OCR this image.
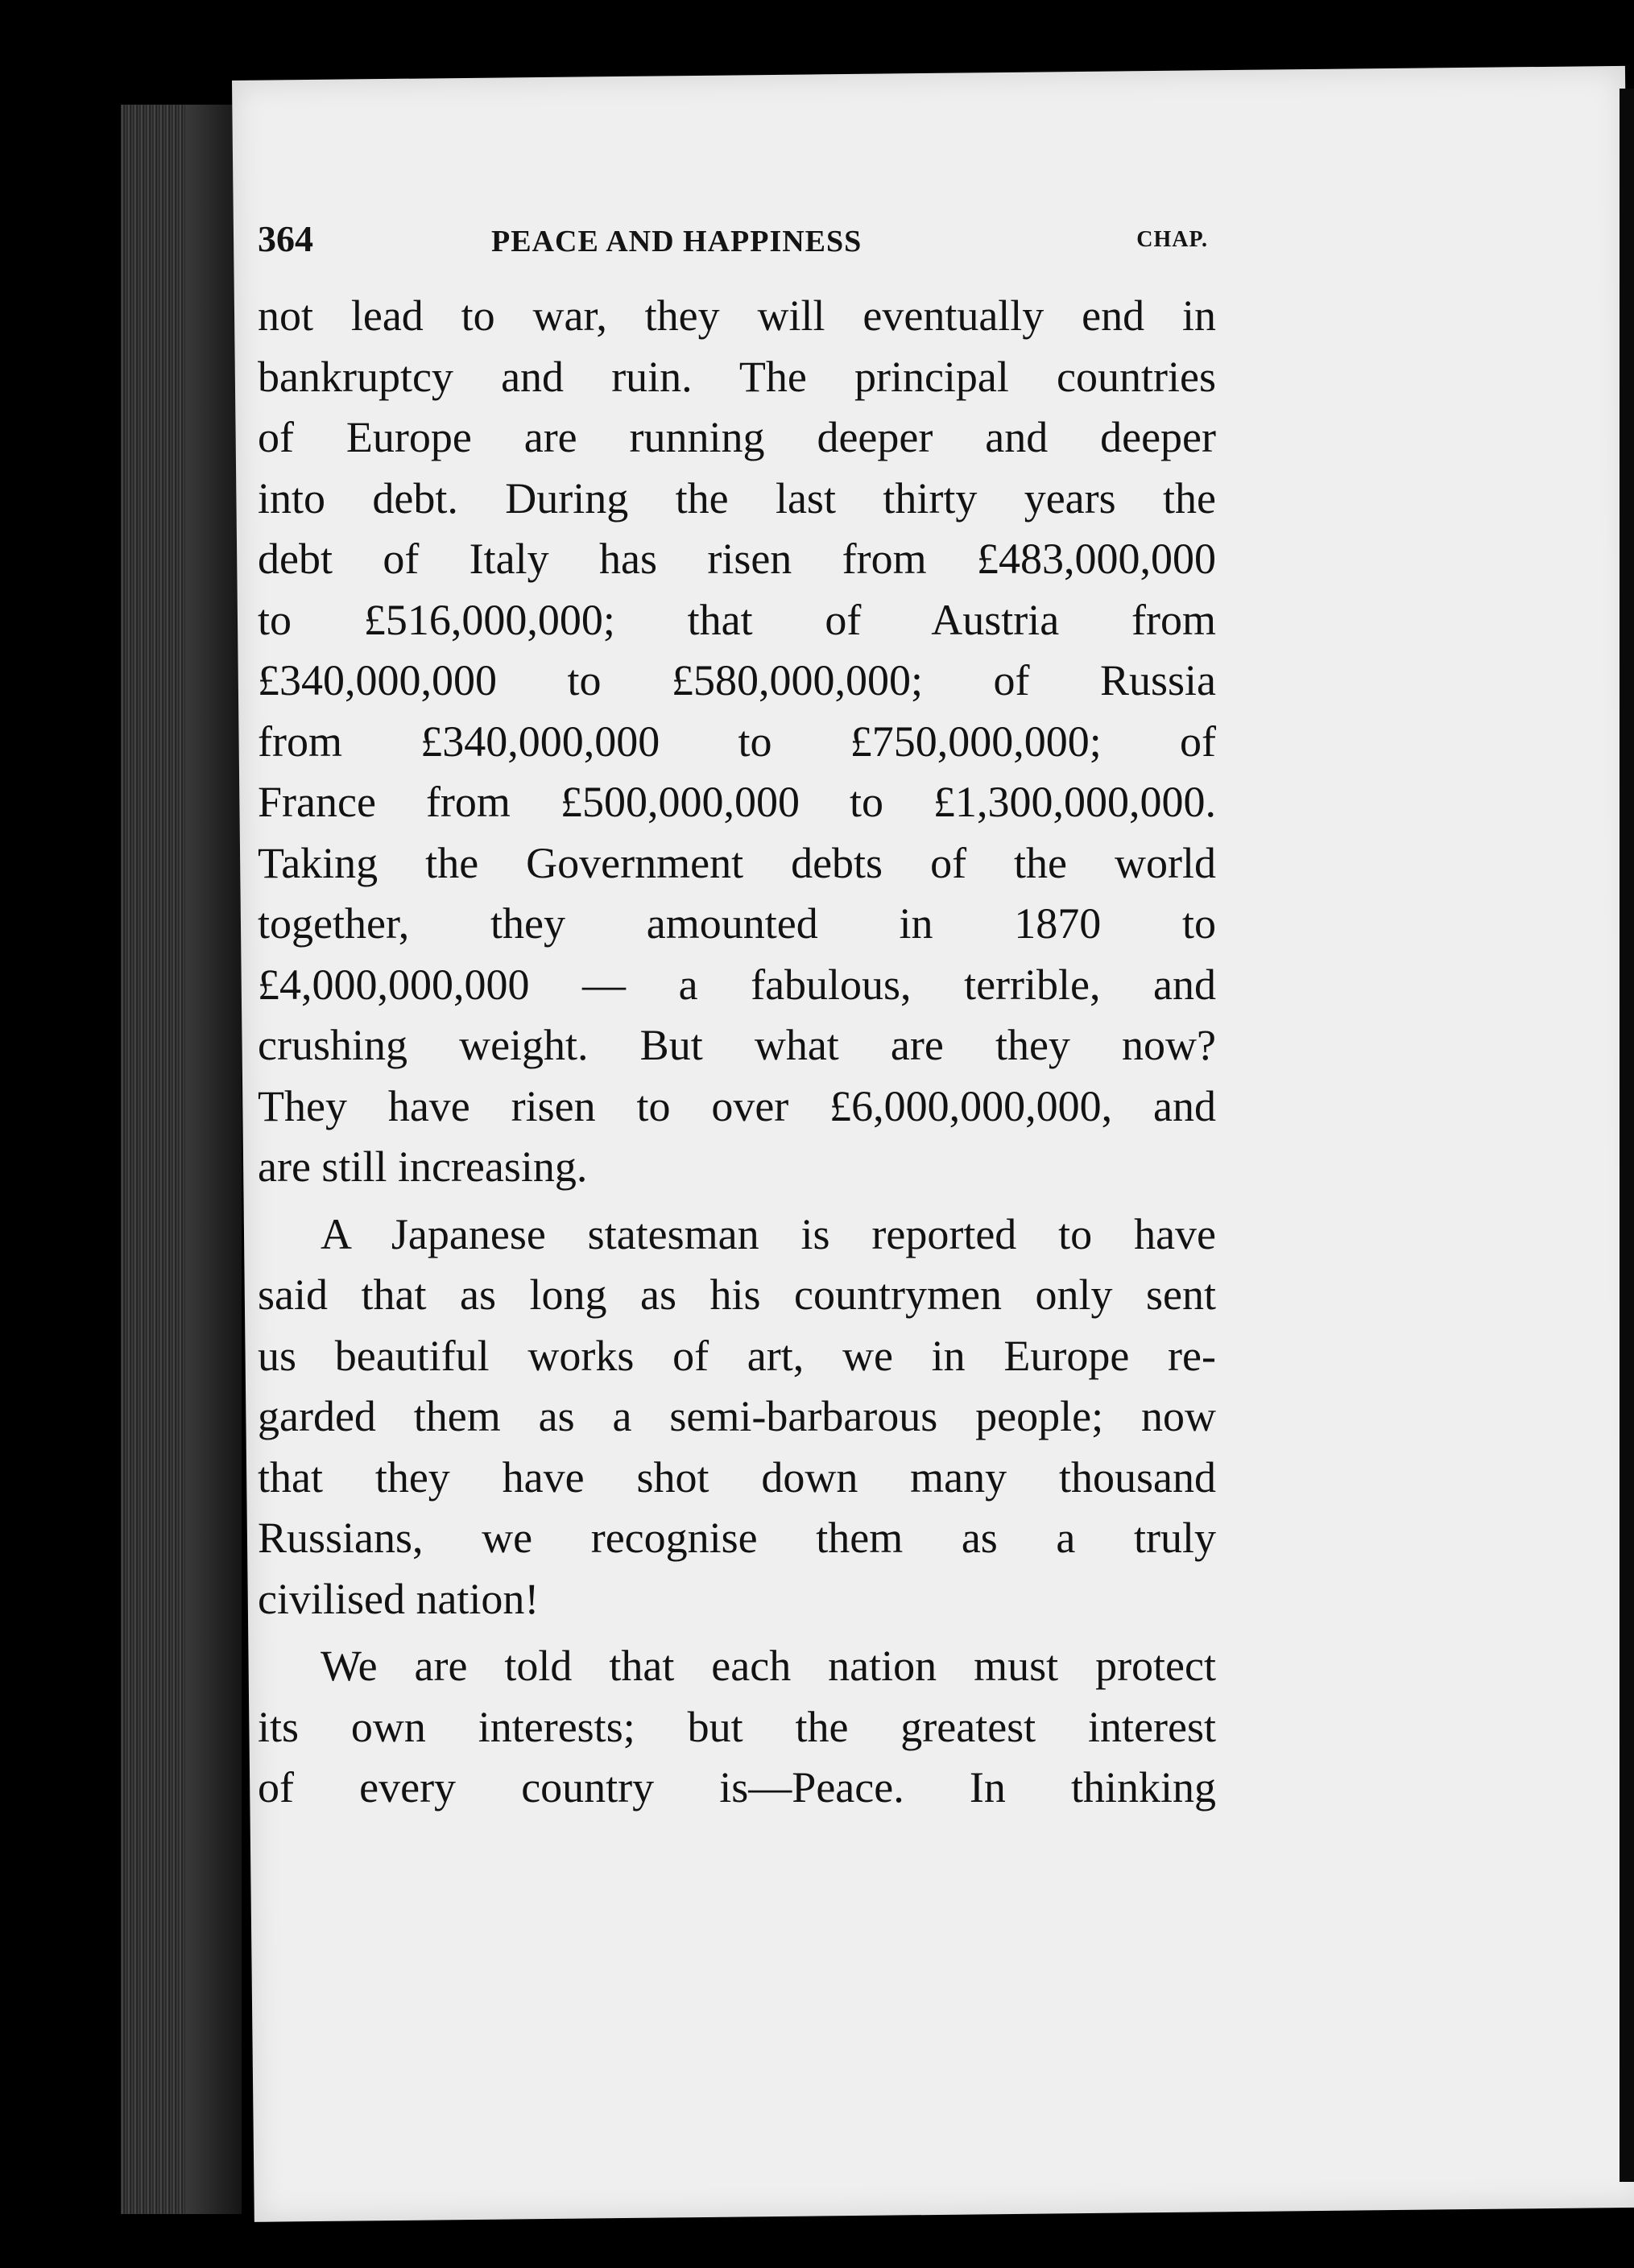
364	PEACE AND HAPPINESS	CHAP.
not lead to war, they will eventually end in
bankruptcy and ruin. The principal countries
of Europe are running deeper and deeper
into debt. During the last thirty years the
debt of Italy has risen from £483,000,000
to £516,000,000; that of Austria from
£340,000,000 to £580,000,000; of Russia
from £340,000,000 to £750,000,000; of
France from £500,000,000 to £1,300,000,000.
Taking the Government debts of the world
together, they amounted in 1870 to
£4,000,000,000 — a fabulous, terrible, and
crushing weight. But what are they now?
They have risen to over £6,000,000,000, and
are still increasing.
A Japanese statesman is reported to have
said that as long as his countrymen only sent
us beautiful works of art, we in Europe re-
garded them as a semi-barbarous people; now
that they have shot down many thousand
Russians, we recognise them as a truly
civilised nation!
We are told that each nation must protect
its own interests; but the greatest interest
of every country is—Peace. In thinking
